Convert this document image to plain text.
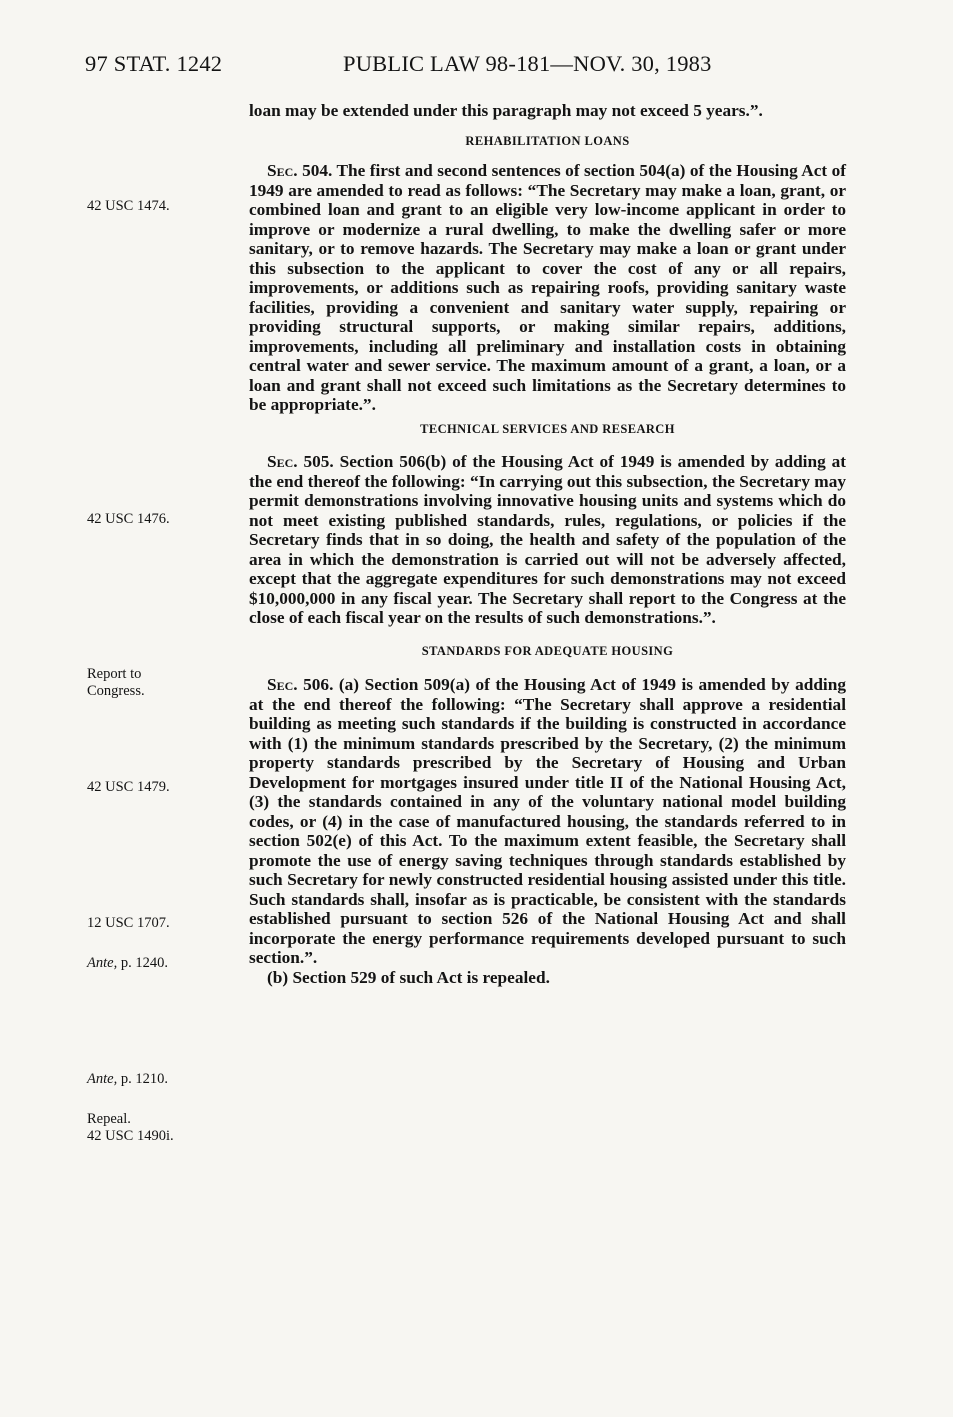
97 STAT. 1242	PUBLIC LAW 98-181—NOV. 30, 1983
42 USC 1474.
42 USC 1476.
Report to
Congress.
42 USC 1479.
12 USC 1707.
Ante, p. 1240.
Ante, p. 1210.
Repeal.
42 USC 1490i.

loan may be extended under this paragraph may not exceed 5 years.”.

REHABILITATION LOANS

Sec. 504. The first and second sentences of section 504(a) of the Housing Act of 1949 are amended to read as follows: “The Secretary may make a loan, grant, or combined loan and grant to an eligible very low-income applicant in order to improve or modernize a rural dwelling, to make the dwelling safer or more sanitary, or to remove hazards. The Secretary may make a loan or grant under this subsection to the applicant to cover the cost of any or all repairs, improvements, or additions such as repairing roofs, providing sanitary waste facilities, providing a convenient and sanitary water supply, repairing or providing structural supports, or making similar repairs, additions, improvements, including all preliminary and installation costs in obtaining central water and sewer service. The maximum amount of a grant, a loan, or a loan and grant shall not exceed such limitations as the Secretary determines to be appropriate.”.

TECHNICAL SERVICES AND RESEARCH

Sec. 505. Section 506(b) of the Housing Act of 1949 is amended by adding at the end thereof the following: “In carrying out this subsection, the Secretary may permit demonstrations involving innovative housing units and systems which do not meet existing published standards, rules, regulations, or policies if the Secretary finds that in so doing, the health and safety of the population of the area in which the demonstration is carried out will not be adversely affected, except that the aggregate expenditures for such demonstrations may not exceed $10,000,000 in any fiscal year. The Secretary shall report to the Congress at the close of each fiscal year on the results of such demonstrations.”.

STANDARDS FOR ADEQUATE HOUSING

Sec. 506. (a) Section 509(a) of the Housing Act of 1949 is amended by adding at the end thereof the following: “The Secretary shall approve a residential building as meeting such standards if the building is constructed in accordance with (1) the minimum standards prescribed by the Secretary, (2) the minimum property standards prescribed by the Secretary of Housing and Urban Development for mortgages insured under title II of the National Housing Act, (3) the standards contained in any of the voluntary national model building codes, or (4) in the case of manufactured housing, the standards referred to in section 502(e) of this Act. To the maximum extent feasible, the Secretary shall promote the use of energy saving techniques through standards established by such Secretary for newly constructed residential housing assisted under this title. Such standards shall, insofar as is practicable, be consistent with the standards established pursuant to section 526 of the National Housing Act and shall incorporate the energy performance requirements developed pursuant to such section.”.

(b) Section 529 of such Act is repealed.
